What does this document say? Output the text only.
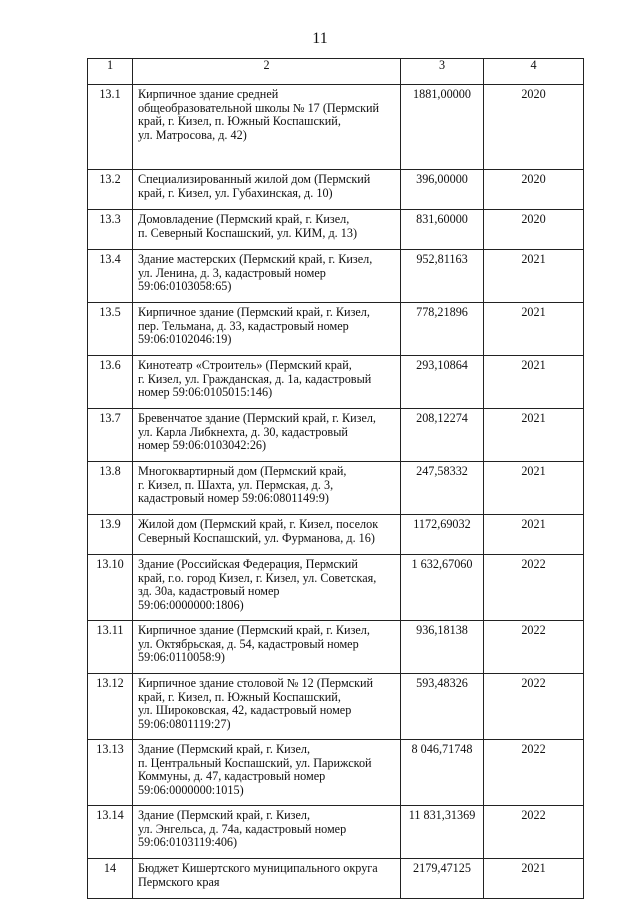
11
1	2	3	4
13.1	Кирпичное здание средней
общеобразовательной школы № 17 (Пермский
край, г. Кизел, п. Южный Коспашский,
ул. Матросова, д. 42)	1881,00000	2020
13.2	Специализированный жилой дом (Пермский
край, г. Кизел, ул. Губахинская, д. 10)	396,00000	2020
13.3	Домовладение (Пермский край, г. Кизел,
п. Северный Коспашский, ул. КИМ, д. 13)	831,60000	2020
13.4	Здание мастерских (Пермский край, г. Кизел,
ул. Ленина, д. 3, кадастровый номер
59:06:0103058:65)	952,81163	2021
13.5	Кирпичное здание (Пермский край, г. Кизел,
пер. Тельмана, д. 33, кадастровый номер
59:06:0102046:19)	778,21896	2021
13.6	Кинотеатр «Строитель» (Пермский край,
г. Кизел, ул. Гражданская, д. 1а, кадастровый
номер 59:06:0105015:146)	293,10864	2021
13.7	Бревенчатое здание (Пермский край, г. Кизел,
ул. Карла Либкнехта, д. 30, кадастровый
номер 59:06:0103042:26)	208,12274	2021
13.8	Многоквартирный дом (Пермский край,
г. Кизел, п. Шахта, ул. Пермская, д. 3,
кадастровый номер 59:06:0801149:9)	247,58332	2021
13.9	Жилой дом (Пермский край, г. Кизел, поселок
Северный Коспашский, ул. Фурманова, д. 16)	1172,69032	2021
13.10	Здание (Российская Федерация, Пермский
край, г.о. город Кизел, г. Кизел, ул. Советская,
зд. 30а, кадастровый номер
59:06:0000000:1806)	1 632,67060	2022
13.11	Кирпичное здание (Пермский край, г. Кизел,
ул. Октябрьская, д. 54, кадастровый номер
59:06:0110058:9)	936,18138	2022
13.12	Кирпичное здание столовой № 12 (Пермский
край, г. Кизел, п. Южный Коспашский,
ул. Широковская, 42, кадастровый номер
59:06:0801119:27)	593,48326	2022
13.13	Здание (Пермский край, г. Кизел,
п. Центральный Коспашский, ул. Парижской
Коммуны, д. 47, кадастровый номер
59:06:0000000:1015)	8 046,71748	2022
13.14	Здание (Пермский край, г. Кизел,
ул. Энгельса, д. 74а, кадастровый номер
59:06:0103119:406)	11 831,31369	2022
14	Бюджет Кишертского муниципального округа
Пермского края	2179,47125	2021
